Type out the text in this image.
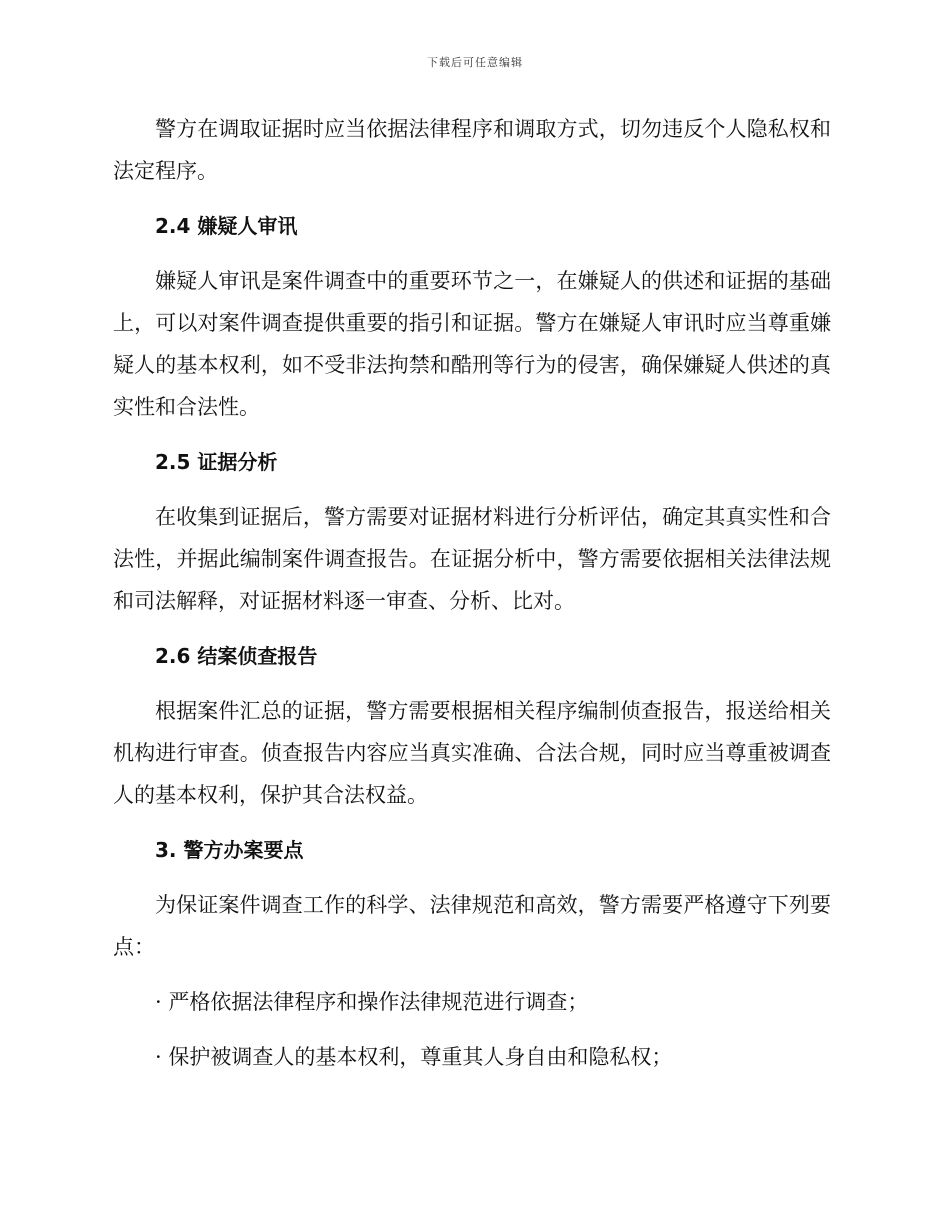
下载后可任意编辑

警方在调取证据时应当依据法律程序和调取方式，切勿违反个人隐私权和法定程序。

2.4 嫌疑人审讯

嫌疑人审讯是案件调查中的重要环节之一，在嫌疑人的供述和证据的基础上，可以对案件调查提供重要的指引和证据。警方在嫌疑人审讯时应当尊重嫌疑人的基本权利，如不受非法拘禁和酷刑等行为的侵害，确保嫌疑人供述的真实性和合法性。

2.5 证据分析

在收集到证据后，警方需要对证据材料进行分析评估，确定其真实性和合法性，并据此编制案件调查报告。在证据分析中，警方需要依据相关法律法规和司法解释，对证据材料逐一审查、分析、比对。

2.6 结案侦查报告

根据案件汇总的证据，警方需要根据相关程序编制侦查报告，报送给相关机构进行审查。侦查报告内容应当真实准确、合法合规，同时应当尊重被调查人的基本权利，保护其合法权益。

3. 警方办案要点

为保证案件调查工作的科学、法律规范和高效，警方需要严格遵守下列要点：

· 严格依据法律程序和操作法律规范进行调查；
· 保护被调查人的基本权利，尊重其人身自由和隐私权；
